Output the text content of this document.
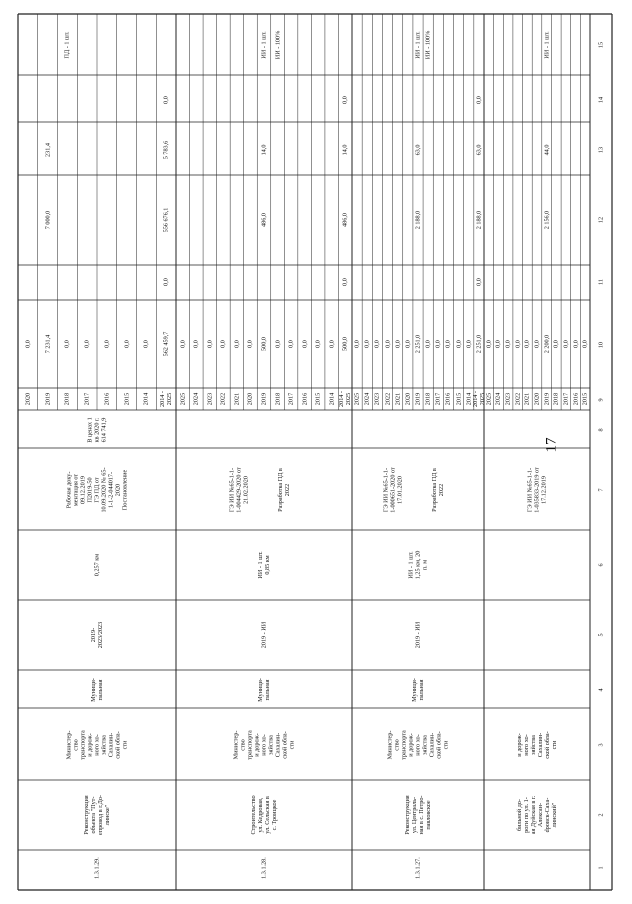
17
1
2
3
4
5
6
7
8
9
10
11
12
13
14
15
2015
0,0
2016
0,0
2017
0,0
2018
0,0
2019
2 200,0
2 156,0
44,0
2020
0,0
2021
0,0
2022
0,0
2023
0,0
2024
0,0
2025
0,0
бильной до-
роги по ул. 1-
ая Дуйская в г.
Алексан-
dровск-Саха-
линский"
и дорож-
ного хо-
зяйства
Сахалин-
ской обла-
сти
ГЭ ИИ №65-1-1-
1-035833-2019 от
17.12.2019
ИИ - 1 шт.
2014 -
2025
2 251,0
0,0
2 188,0
63,0
0,0
2014
0,0
2015
0,0
2016
0,0
2017
0,0
2018
0,0
2019
2 251,0
2 188,0
63,0
2020
0,0
2021
0,0
2022
0,0
2023
0,0
2024
0,0
2025
0,0
1.3.1.27.
Реконструкция
ул. Централь-
ная в с. Петро-
павловское
Министер-
ство
транспорта
и дорож-
ного хо-
зяйства
Сахалин-
ской обла-
сти
Муници-
пальная
2019 - ИИ
ИИ - 1 шт.
1,25 км, 20
п. м
Разработка ПД в
2022
ГЭ ИИ №65-1-1-
1-000651-2020 от
17.01.2020
ИИ - 100%
ИИ - 1 шт.
2014 -
2025
500,0
0,0
486,0
14,0
0,0
2014
0,0
2015
0,0
2016
0,0
2017
0,0
2018
0,0
2019
500,0
486,0
14,0
2020
0,0
2021
0,0
2022
0,0
2023
0,0
2024
0,0
2025
0,0
1.3.1.28.
Строительство
ул. Кедровая,
ул. Сельская в
с. Троицкое
Министер-
ство
транспорта
и дорож-
ного хо-
зяйства
Сахалин-
ской обла-
сти
Муници-
пальная
2019 - ИИ
ИИ - 1 шт.
0,85 км
Разработка ПД в
2022
ГЭ ИИ №65-1-1-
1-004429-2020 от
21.02.2020
ИИ - 100%
ИИ - 1 шт.
2014 -
2025
562 459,7
0,0
556 676,1
5 783,6
0,0
2014
0,0
2015
0,0
2016
0,0
2017
0,0
2018
0,0
2019
7 231,4
7 000,0
231,4
2020
0,0
1.3.1.29.
Реконструкция
объекта "Пут-
епровод в г.Дo-
линске"
Министер-
ство
транспорта
и дорож-
ного хо-
зяйства
Сахалин-
ской обла-
сти
Муници-
пальная
2019-
2023/2023
0,257 км
Рабочая доку-
ментация от
09.12.2019
П2019-50
ГЭ ПД от
10.09.2020 № 65-
1-1-2-044017-
2020
Постановление
В ценах 1
кв 2020 г.
614 741,9
ПД - 1 шт.
